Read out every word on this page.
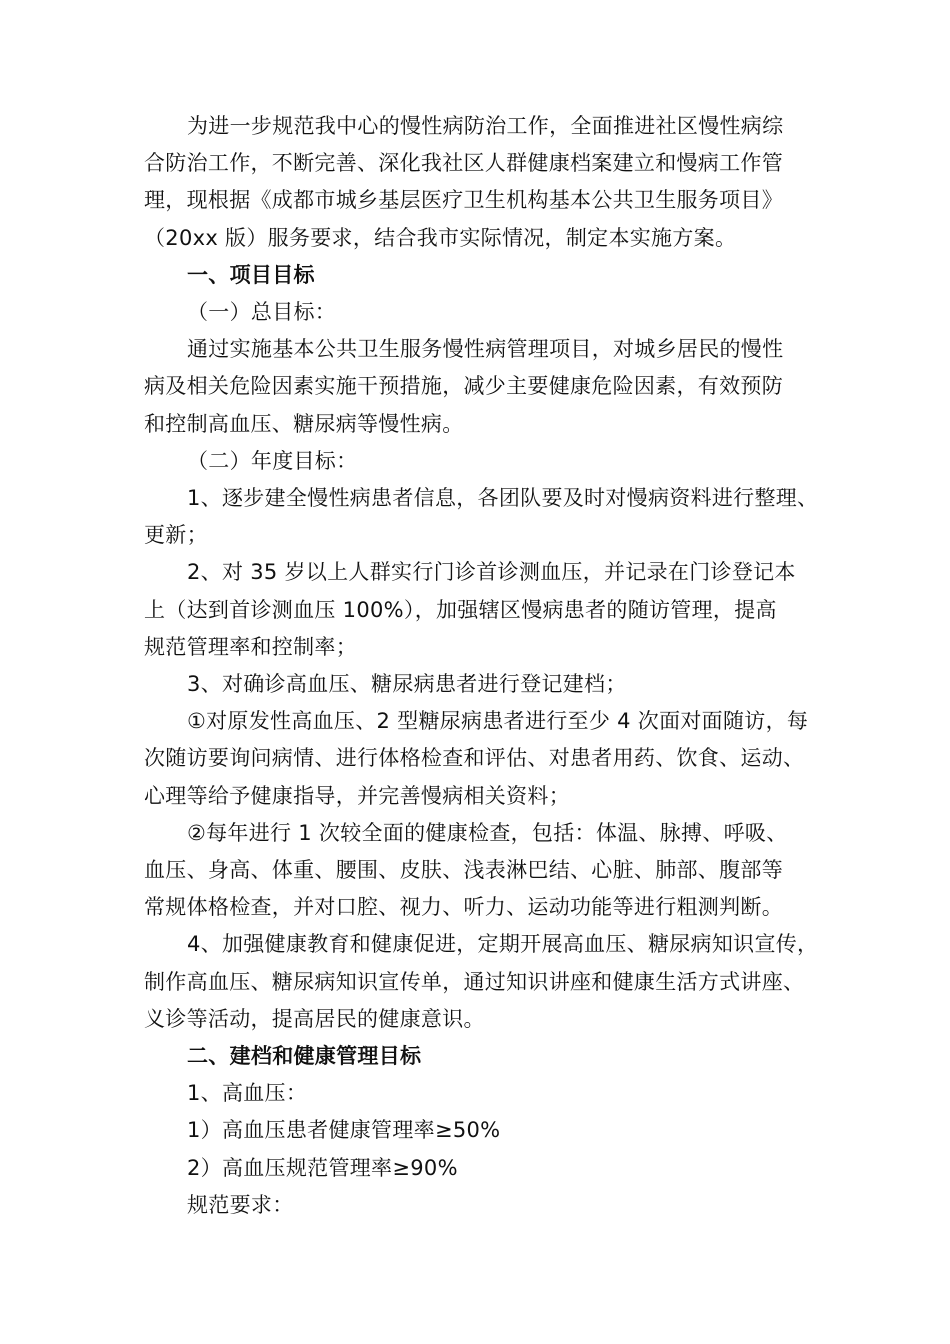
为进一步规范我中心的慢性病防治工作，全面推进社区慢性病综
合防治工作，不断完善、深化我社区人群健康档案建立和慢病工作管
理，现根据《成都市城乡基层医疗卫生机构基本公共卫生服务项目》
（20xx 版）服务要求，结合我市实际情况，制定本实施方案。
一、项目目标
（一）总目标：
通过实施基本公共卫生服务慢性病管理项目，对城乡居民的慢性
病及相关危险因素实施干预措施，减少主要健康危险因素，有效预防
和控制高血压、糖尿病等慢性病。
（二）年度目标：
1、逐步建全慢性病患者信息，各团队要及时对慢病资料进行整理、
更新；
2、对 35 岁以上人群实行门诊首诊测血压，并记录在门诊登记本
上（达到首诊测血压 100%），加强辖区慢病患者的随访管理，提高
规范管理率和控制率；
3、对确诊高血压、糖尿病患者进行登记建档；
①对原发性高血压、2 型糖尿病患者进行至少 4 次面对面随访，每
次随访要询问病情、进行体格检查和评估、对患者用药、饮食、运动、
心理等给予健康指导，并完善慢病相关资料；
②每年进行 1 次较全面的健康检查，包括：体温、脉搏、呼吸、
血压、身高、体重、腰围、皮肤、浅表淋巴结、心脏、肺部、腹部等
常规体格检查，并对口腔、视力、听力、运动功能等进行粗测判断。
4、加强健康教育和健康促进，定期开展高血压、糖尿病知识宣传，
制作高血压、糖尿病知识宣传单，通过知识讲座和健康生活方式讲座、
义诊等活动，提高居民的健康意识。
二、建档和健康管理目标
1、高血压：
1）高血压患者健康管理率≥50%
2）高血压规范管理率≥90%
规范要求：
